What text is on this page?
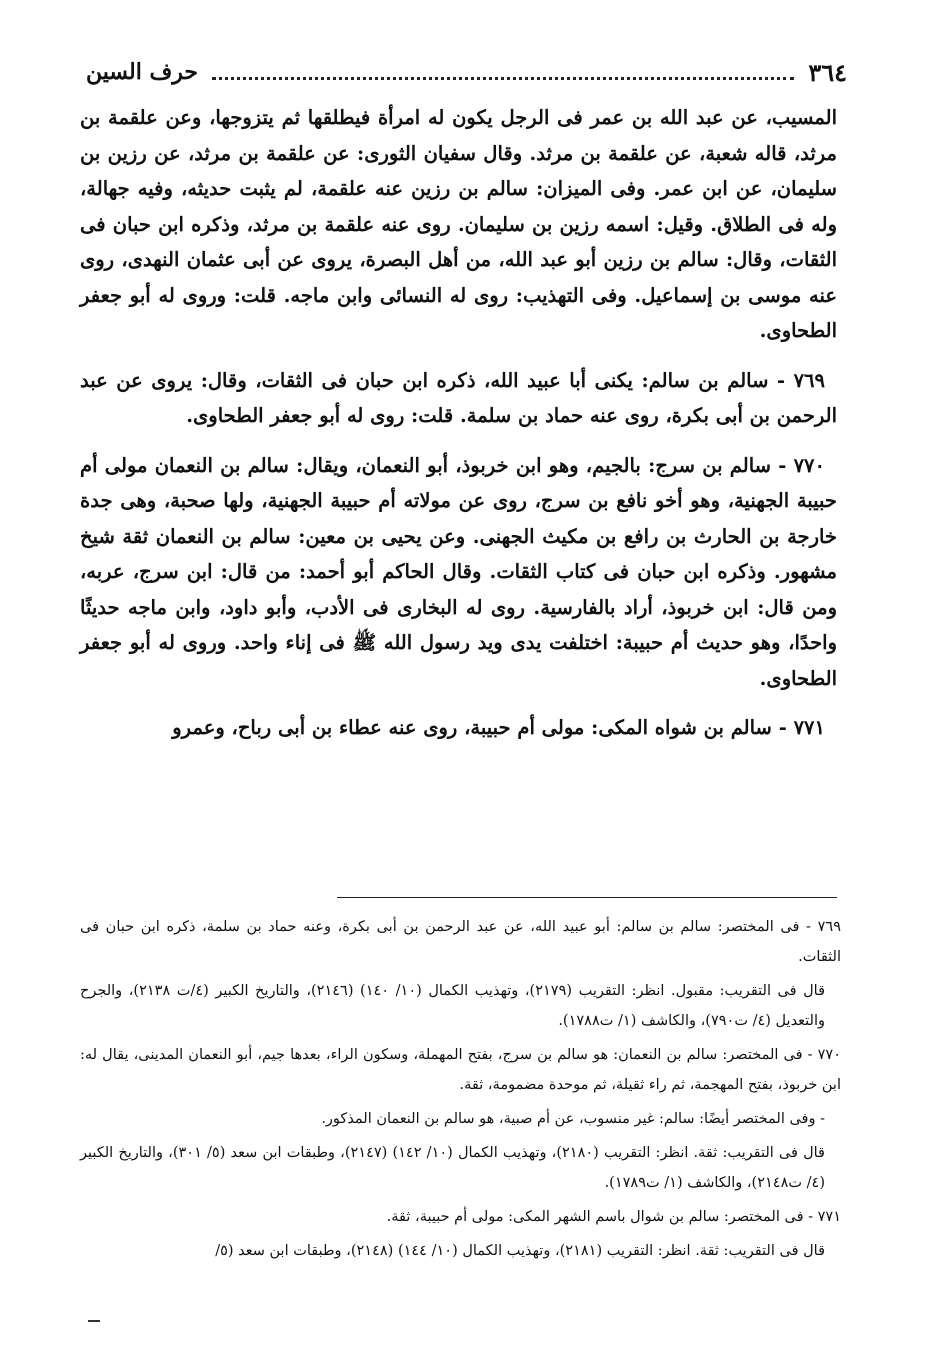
٣٦٤
حرف السين

المسيب، عن عبد الله بن عمر فى الرجل يكون له امرأة فيطلقها ثم يتزوجها، وعن علقمة بن مرثد، قاله شعبة، عن علقمة بن مرثد. وقال سفيان الثورى: عن علقمة بن مرثد، عن رزين بن سليمان، عن ابن عمر. وفى الميزان: سالم بن رزين عنه علقمة، لم يثبت حديثه، وفيه جهالة، وله فى الطلاق. وقيل: اسمه رزين بن سليمان. روى عنه علقمة بن مرثد، وذكره ابن حبان فى الثقات، وقال: سالم بن رزين أبو عبد الله، من أهل البصرة، يروى عن أبى عثمان النهدى، روى عنه موسى بن إسماعيل. وفى التهذيب: روى له النسائى وابن ماجه. قلت: وروى له أبو جعفر الطحاوى.

٧٦٩ - سالم بن سالم: يكنى أبا عبيد الله، ذكره ابن حبان فى الثقات، وقال: يروى عن عبد الرحمن بن أبى بكرة، روى عنه حماد بن سلمة. قلت: روى له أبو جعفر الطحاوى.

٧٧٠ - سالم بن سرج: بالجيم، وهو ابن خربوذ، أبو النعمان، ويقال: سالم بن النعمان مولى أم حبيبة الجهنية، وهو أخو نافع بن سرج، روى عن مولاته أم حبيبة الجهنية، ولها صحبة، وهى جدة خارجة بن الحارث بن رافع بن مكيث الجهنى. وعن يحيى بن معين: سالم بن النعمان ثقة شيخ مشهور. وذكره ابن حبان فى كتاب الثقات. وقال الحاكم أبو أحمد: من قال: ابن سرج، عربه، ومن قال: ابن خربوذ، أراد بالفارسية. روى له البخارى فى الأدب، وأبو داود، وابن ماجه حديثًا واحدًا، وهو حديث أم حبيبة: اختلفت يدى ويد رسول الله ﷺ فى إناء واحد. وروى له أبو جعفر الطحاوى.

٧٧١ - سالم بن شواه المكى: مولى أم حبيبة، روى عنه عطاء بن أبى رباح، وعمرو

٧٦٩ - فى المختصر: سالم بن سالم: أبو عبيد الله، عن عبد الرحمن بن أبى بكرة، وعنه حماد بن سلمة، ذكره ابن حبان فى الثقات.

قال فى التقريب: مقبول. انظر: التقريب (٢١٧٩)، وتهذيب الكمال (١٠/ ١٤٠) (٢١٤٦)، والتاريخ الكبير (٤/ت ٢١٣٨)، والجرح والتعديل (٤/ ت٧٩٠)، والكاشف (١/ ت١٧٨٨).

٧٧٠ - فى المختصر: سالم بن النعمان: هو سالم بن سرج، بفتح المهملة، وسكون الراء، بعدها جيم، أبو النعمان المدينى، يقال له: ابن خربوذ، بفتح المهجمة، ثم راء ثقيلة، ثم موحدة مضمومة، ثقة.

- وفى المختصر أيضًا: سالم: غير منسوب، عن أم صبية، هو سالم بن النعمان المذكور.

قال فى التقريب: ثقة. انظر: التقريب (٢١٨٠)، وتهذيب الكمال (١٠/ ١٤٢) (٢١٤٧)، وطبقات ابن سعد (٥/ ٣٠١)، والتاريخ الكبير (٤/ ت٢١٤٨)، والكاشف (١/ ت١٧٨٩).

٧٧١ - فى المختصر: سالم بن شوال باسم الشهر المكى: مولى أم حبيبة، ثقة.

قال فى التقريب: ثقة. انظر: التقريب (٢١٨١)، وتهذيب الكمال (١٠/ ١٤٤) (٢١٤٨)، وطبقات ابن سعد (٥/
